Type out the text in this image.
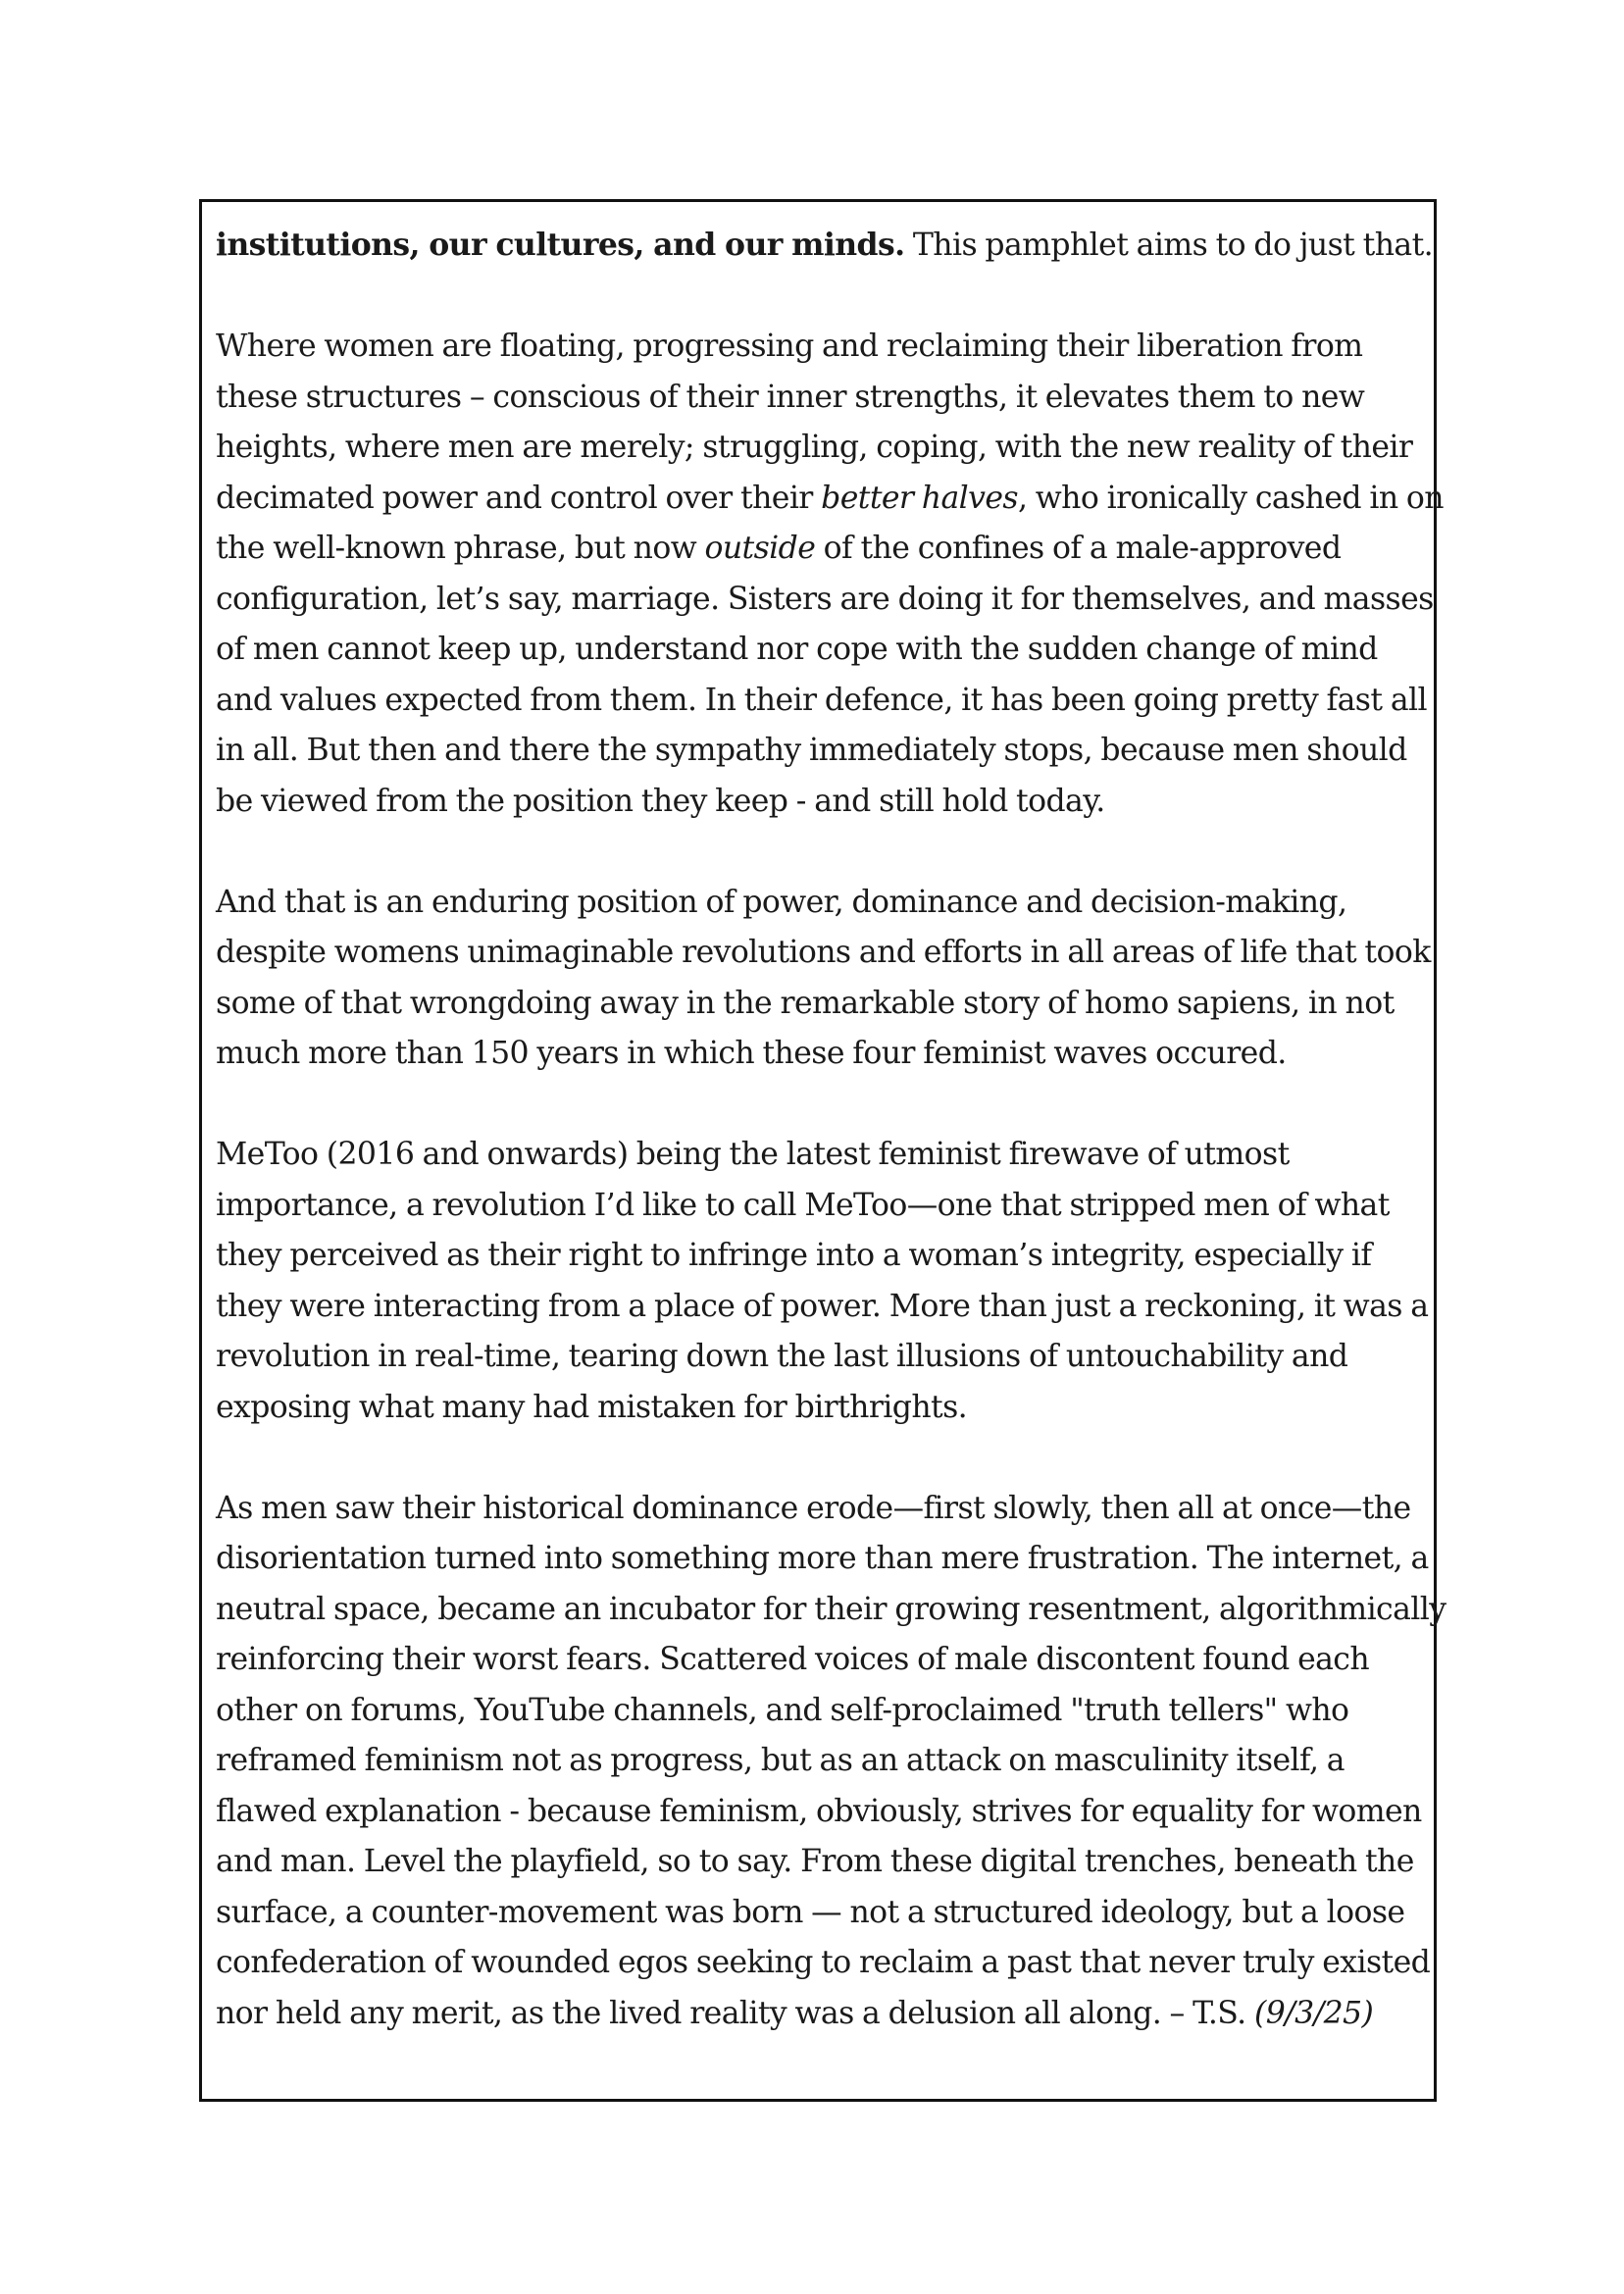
institutions, our cultures, and our minds. This pamphlet aims to do just that.
Where women are floating, progressing and reclaiming their liberation from
these structures – conscious of their inner strengths, it elevates them to new
heights, where men are merely; struggling, coping, with the new reality of their
decimated power and control over their better halves, who ironically cashed in on
the well-known phrase, but now outside of the confines of a male-approved
configuration, let’s say, marriage. Sisters are doing it for themselves, and masses
of men cannot keep up, understand nor cope with the sudden change of mind
and values expected from them. In their defence, it has been going pretty fast all
in all. But then and there the sympathy immediately stops, because men should
be viewed from the position they keep - and still hold today.
And that is an enduring position of power, dominance and decision-making,
despite womens unimaginable revolutions and efforts in all areas of life that took
some of that wrongdoing away in the remarkable story of homo sapiens, in not
much more than 150 years in which these four feminist waves occured.
MeToo (2016 and onwards) being the latest feminist firewave of utmost
importance, a revolution I’d like to call MeToo—one that stripped men of what
they perceived as their right to infringe into a woman’s integrity, especially if
they were interacting from a place of power. More than just a reckoning, it was a
revolution in real-time, tearing down the last illusions of untouchability and
exposing what many had mistaken for birthrights.
As men saw their historical dominance erode—first slowly, then all at once—the
disorientation turned into something more than mere frustration. The internet, a
neutral space, became an incubator for their growing resentment, algorithmically
reinforcing their worst fears. Scattered voices of male discontent found each
other on forums, YouTube channels, and self-proclaimed "truth tellers" who
reframed feminism not as progress, but as an attack on masculinity itself, a
flawed explanation - because feminism, obviously, strives for equality for women
and man. Level the playfield, so to say. From these digital trenches, beneath the
surface, a counter-movement was born — not a structured ideology, but a loose
confederation of wounded egos seeking to reclaim a past that never truly existed
nor held any merit, as the lived reality was a delusion all along. – T.S. (9/3/25)
